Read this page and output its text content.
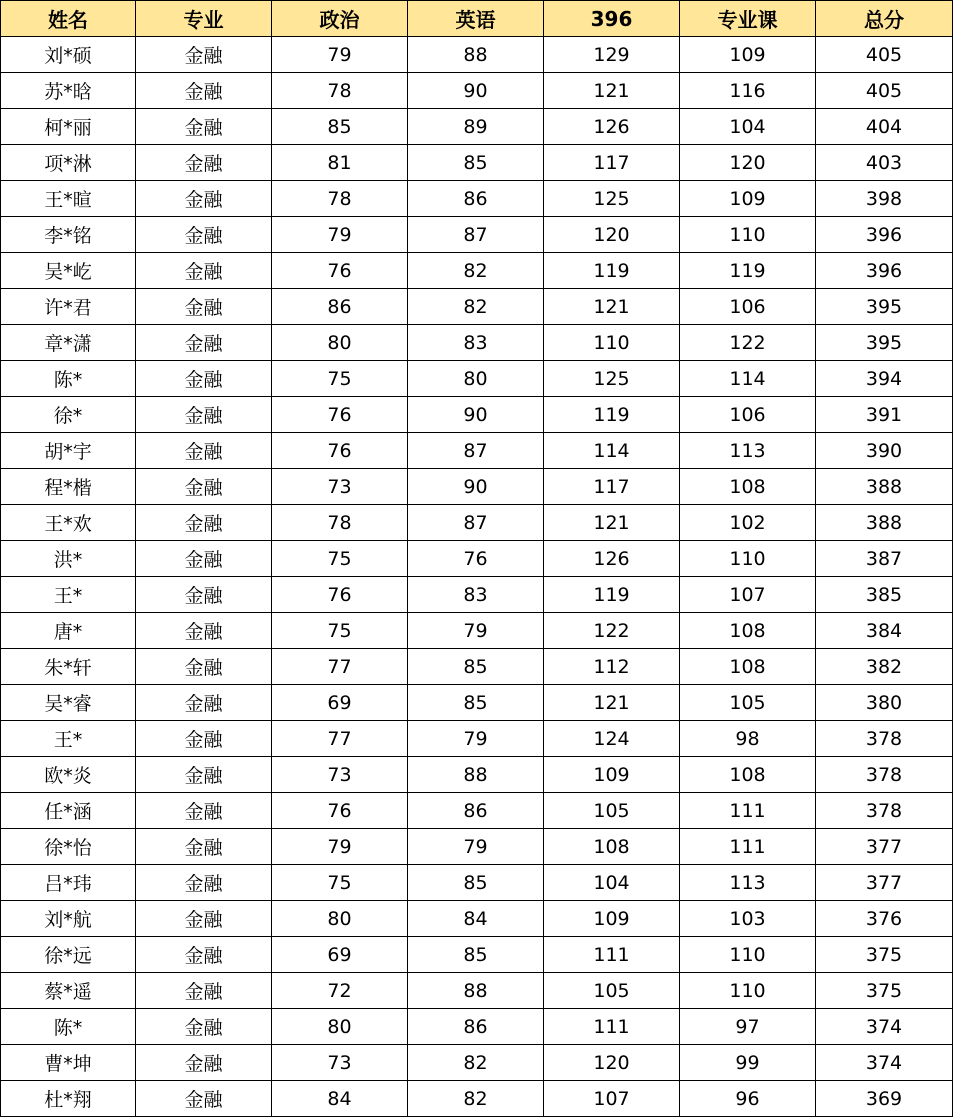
姓名	专业	政治	英语	396	专业课	总分
刘*硕	金融	79	88	129	109	405
苏*晗	金融	78	90	121	116	405
柯*丽	金融	85	89	126	104	404
项*淋	金融	81	85	117	120	403
王*暄	金融	78	86	125	109	398
李*铭	金融	79	87	120	110	396
吴*屹	金融	76	82	119	119	396
许*君	金融	86	82	121	106	395
章*潇	金融	80	83	110	122	395
陈*	金融	75	80	125	114	394
徐*	金融	76	90	119	106	391
胡*宇	金融	76	87	114	113	390
程*楷	金融	73	90	117	108	388
王*欢	金融	78	87	121	102	388
洪*	金融	75	76	126	110	387
王*	金融	76	83	119	107	385
唐*	金融	75	79	122	108	384
朱*轩	金融	77	85	112	108	382
吴*睿	金融	69	85	121	105	380
王*	金融	77	79	124	98	378
欧*炎	金融	73	88	109	108	378
任*涵	金融	76	86	105	111	378
徐*怡	金融	79	79	108	111	377
吕*玮	金融	75	85	104	113	377
刘*航	金融	80	84	109	103	376
徐*远	金融	69	85	111	110	375
蔡*遥	金融	72	88	105	110	375
陈*	金融	80	86	111	97	374
曹*坤	金融	73	82	120	99	374
杜*翔	金融	84	82	107	96	369
